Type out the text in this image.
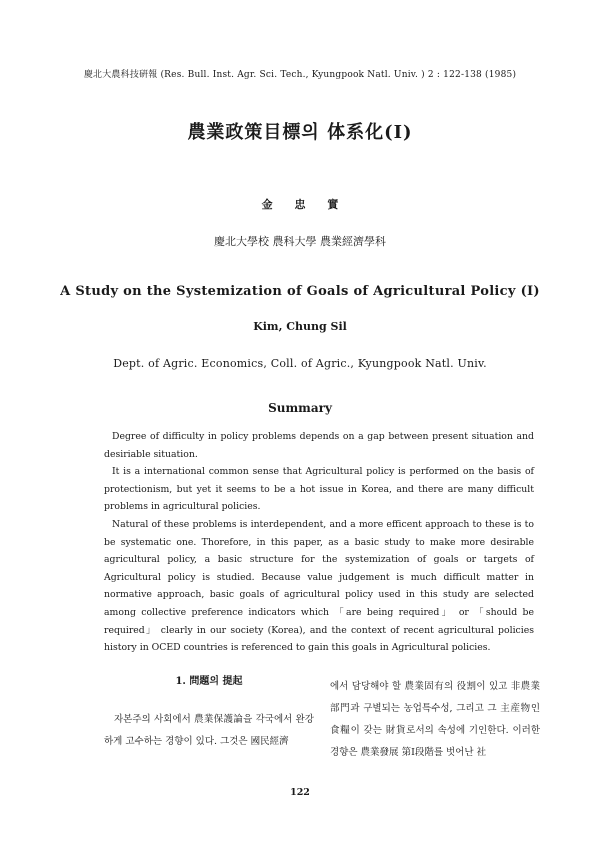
慶北大農科技硏報 (Res. Bull. Inst. Agr. Sci. Tech., Kyungpook Natl. Univ. ) 2 : 122-138 (1985)
農業政策目標의 体系化(Ⅰ)
金 忠 實
慶北大學校 農科大學 農業經濟學科
A Study on the Systemization of Goals of Agricultural Policy (I)
Kim, Chung Sil
Dept. of Agric. Economics, Coll. of Agric., Kyungpook Natl. Univ.
Summary

Degree of difficulty in policy problems depends on a gap between present situation and desiriable situation.

It is a international common sense that Agricultural policy is performed on the basis of protectionism, but yet it seems to be a hot issue in Korea, and there are many difficult problems in agricultural policies.

Natural of these problems is interdependent, and a more efficent approach to these is to be systematic one. Thorefore, in this paper, as a basic study to make more desirable agricultural policy, a basic structure for the systemization of goals or targets of Agricultural policy is studied. Because value judgement is much difficult matter in normative approach, basic goals of agricultural policy used in this study are selected among collective preference indicators which 「are being required」 or 「should be required」 clearly in our society (Korea), and the context of recent agricultural policies history in OCED countries is referenced to gain this goals in Agricultural policies.

1. 問題의 提起
자본주의 사회에서 農業保護論을 각국에서 완강하게 고수하는 경향이 있다. 그것은 國民經濟
에서 담당해야 할 農業固有의 役割이 있고 非農業部門과 구별되는 농업특수성, 그리고 그 主産物인 食糧이 갖는 財貨로서의 속성에 기인한다. 이러한 경향은 農業發展 第Ⅰ段階를 벗어난 社
122
